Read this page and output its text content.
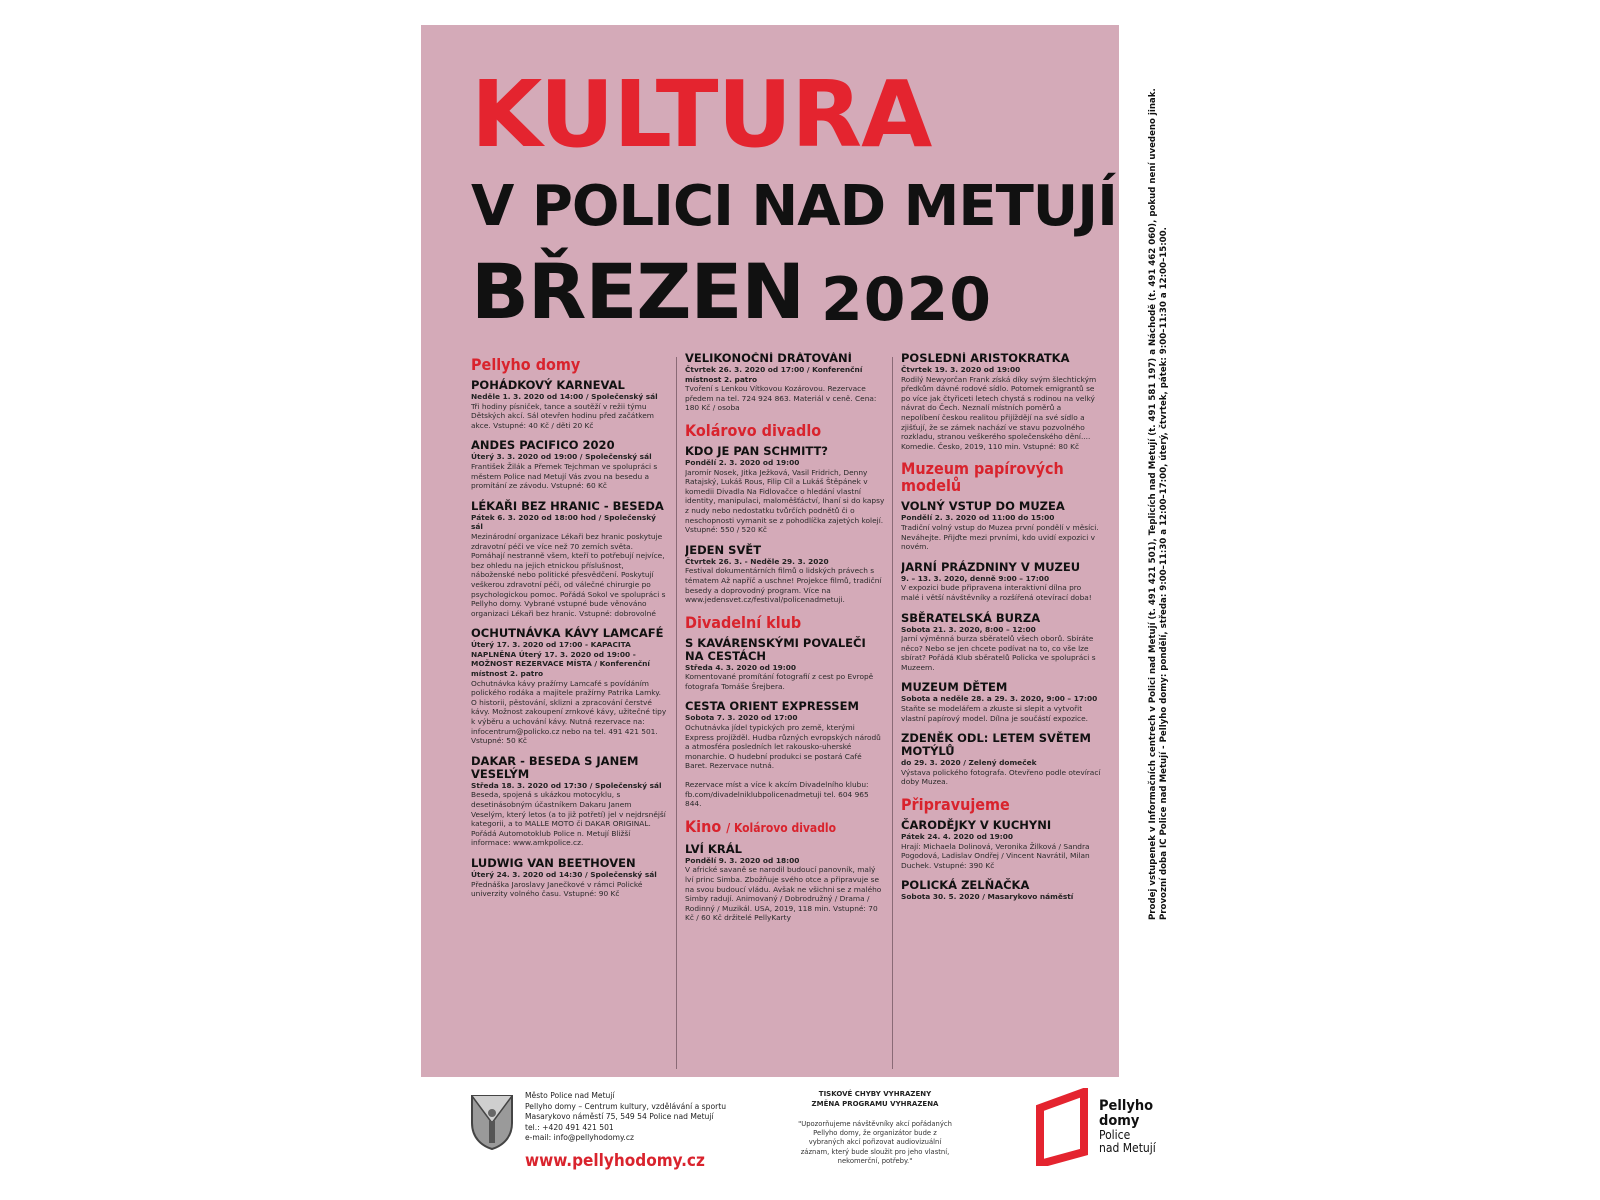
KULTURA
V POLICI NAD METUJÍ
BŘEZEN 2020
Pellyho domy
POHÁDKOVÝ KARNEVAL
Neděle 1. 3. 2020 od 14:00 / Společenský sál
Tři hodiny písniček, tance a soutěží v režii týmu Dětských akcí. Sál otevřen hodinu před začátkem akce. Vstupné: 40 Kč / děti 20 Kč
ANDES PACIFICO 2020
Úterý 3. 3. 2020 od 19:00 / Společenský sál
František Žilák a Přemek Tejchman ve spolupráci s městem Police nad Metují Vás zvou na besedu a promítání ze závodu. Vstupné: 60 Kč
LÉKAŘI BEZ HRANIC - BESEDA
Pátek 6. 3. 2020 od 18:00 hod / Společenský sál
Mezinárodní organizace Lékaři bez hranic poskytuje zdravotní péči ve více než 70 zemích světa. Pomáhají nestranně všem, kteří to potřebují nejvíce, bez ohledu na jejich etnickou příslušnost, náboženské nebo politické přesvědčení. Poskytují veškerou zdravotní péči, od válečné chirurgie po psychologickou pomoc. Pořádá Sokol ve spolupráci s Pellyho domy. Vybrané vstupné bude věnováno organizaci Lékaři bez hranic. Vstupné: dobrovolné
OCHUTNÁVKA KÁVY LAMCAFÉ
Úterý 17. 3. 2020 od 17:00 - KAPACITA NAPLNĚNA Úterý 17. 3. 2020 od 19:00 - MOŽNOST REZERVACE MÍSTA / Konferenční místnost 2. patro
Ochutnávka kávy pražírny Lamcafé s povídáním polického rodáka a majitele pražírny Patrika Lamky. O historii, pěstování, sklizni a zpracování čerstvé kávy. Možnost zakoupení zrnkové kávy, užitečné tipy k výběru a uchování kávy. Nutná rezervace na: infocentrum@policko.cz nebo na tel. 491 421 501. Vstupné: 50 Kč
DAKAR - BESEDA S JANEM VESELÝM
Středa 18. 3. 2020 od 17:30 / Společenský sál
Beseda, spojená s ukázkou motocyklu, s desetinásobným účastníkem Dakaru Janem Veselým, který letos (a to již potřetí) jel v nejdrsnější kategorii, a to MALLE MOTO či DAKAR ORIGINAL. Pořádá Automotoklub Police n. Metují Bližší informace: www.amkpolice.cz.
LUDWIG VAN BEETHOVEN
Úterý 24. 3. 2020 od 14:30 / Společenský sál
Přednáška Jaroslavy Janečkové v rámci Polické univerzity volného času. Vstupné: 90 Kč
VELIKONOČNÍ DRÁTOVÁNÍ
Čtvrtek 26. 3. 2020 od 17:00 / Konferenční místnost 2. patro
Tvoření s Lenkou Vítkovou Kozárovou. Rezervace předem na tel. 724 924 863. Materiál v ceně. Cena: 180 Kč / osoba
Kolárovo divadlo
KDO JE PAN SCHMITT?
Pondělí 2. 3. 2020 od 19:00
Jaromír Nosek, Jitka Ježková, Vasil Fridrich, Denny Ratajský, Lukáš Rous, Filip Cíl a Lukáš Štěpánek v komedii Divadla Na Fidlovačce o hledání vlastní identity, manipulaci, maloměšťáctví, lhaní si do kapsy z nudy nebo nedostatku tvůrčích podnětů či o neschopnosti vymanit se z pohodlíčka zajetých kolejí. Vstupné: 550 / 520 Kč
JEDEN SVĚT
Čtvrtek 26. 3. - Neděle 29. 3. 2020
Festival dokumentárních filmů o lidských právech s tématem Až napříč a uschne! Projekce filmů, tradiční besedy a doprovodný program. Více na www.jedensvet.cz/festival/policenadmetuji.
Divadelní klub
S KAVÁRENSKÝMI POVALEČI NA CESTÁCH
Středa 4. 3. 2020 od 19:00
Komentované promítání fotografií z cest po Evropě fotografa Tomáše Šrejbera.
CESTA ORIENT EXPRESSEM
Sobota 7. 3. 2020 od 17:00
Ochutnávka jídel typických pro země, kterými Express projížděl. Hudba různých evropských národů a atmosféra posledních let rakousko-uherské monarchie. O hudební produkci se postará Café Baret. Rezervace nutná.
Rezervace míst a více k akcím Divadelního klubu: fb.com/divadelniklubpolicenadmetuji tel. 604 965 844.
Kino / Kolárovo divadlo
LVÍ KRÁL
Pondělí 9. 3. 2020 od 18:00
V africké savaně se narodil budoucí panovník, malý lví princ Simba. Zbožňuje svého otce a připravuje se na svou budoucí vládu. Avšak ne všichni se z malého Simby radují. Animovaný / Dobrodružný / Drama / Rodinný / Muzikál. USA, 2019, 118 min. Vstupné: 70 Kč / 60 Kč držitelé PellyKarty
POSLEDNÍ ARISTOKRATKA
Čtvrtek 19. 3. 2020 od 19:00
Rodilý Newyorčan Frank získá díky svým šlechtickým předkům dávné rodové sídlo. Potomek emigrantů se po více jak čtyřiceti letech chystá s rodinou na velký návrat do Čech. Neznalí místních poměrů a nepolíbení českou realitou přijíždějí na své sídlo a zjišťují, že se zámek nachází ve stavu pozvolného rozkladu, stranou veškerého společenského dění.... Komedie. Česko, 2019, 110 min. Vstupné: 80 Kč
Muzeum papírových modelů
VOLNÝ VSTUP DO MUZEA
Pondělí 2. 3. 2020 od 11:00 do 15:00
Tradiční volný vstup do Muzea první pondělí v měsíci. Neváhejte. Přijďte mezi prvními, kdo uvidí expozici v novém.
JARNÍ PRÁZDNINY V MUZEU
9. – 13. 3. 2020, denně 9:00 – 17:00
V expozici bude připravena interaktivní dílna pro malé i větší návštěvníky a rozšířená otevírací doba!
SBĚRATELSKÁ BURZA
Sobota 21. 3. 2020, 8:00 – 12:00
Jarní výměnná burza sběratelů všech oborů. Sbíráte něco? Nebo se jen chcete podívat na to, co vše lze sbírat? Pořádá Klub sběratelů Policka ve spolupráci s Muzeem.
MUZEUM DĚTEM
Sobota a neděle 28. a 29. 3. 2020, 9:00 – 17:00
Staňte se modelářem a zkuste si slepit a vytvořit vlastní papírový model. Dílna je součástí expozice.
ZDENĚK ODL: LETEM SVĚTEM MOTÝLŮ
do 29. 3. 2020 / Zelený domeček
Výstava polického fotografa. Otevřeno podle otevírací doby Muzea.
Připravujeme
ČARODĚJKY V KUCHYNI
Pátek 24. 4. 2020 od 19:00
Hrají: Michaela Dolinová, Veronika Žilková / Sandra Pogodová, Ladislav Ondřej / Vincent Navrátil, Milan Duchek. Vstupné: 390 Kč
POLICKÁ ZELŇAČKA
Sobota 30. 5. 2020 / Masarykovo náměstí	Prodej vstupenek v Informačních centrech v Polici nad Metují (t. 491 421 501), Teplicích nad Metují (t. 491 581 197) a Náchodě (t. 491 462 060), pokud není uvedeno jinak. Provozní doba IC Police nad Metují - Pellyho domy: pondělí, středa: 9:00–11:30 a 12:00–17:00, úterý, čtvrtek, pátek: 9:00–11:30 a 12:00–15:00.
Město Police nad Metují
Pellyho domy – Centrum kultury, vzdělávání a sportu
Masarykovo náměstí 75, 549 54 Police nad Metují
tel.: +420 491 421 501
e-mail: info@pellyhodomy.cz
www.pellyhodomy.cz
TISKOVÉ CHYBY VYHRAZENY
ZMĚNA PROGRAMU VYHRAZENA
"Upozorňujeme návštěvníky akcí pořádaných Pellyho domy, že organizátor bude z vybraných akcí pořizovat audiovizuální záznam, který bude sloužit pro jeho vlastní, nekomerční, potřeby."
Pellyho
domy
Police
nad Metují
